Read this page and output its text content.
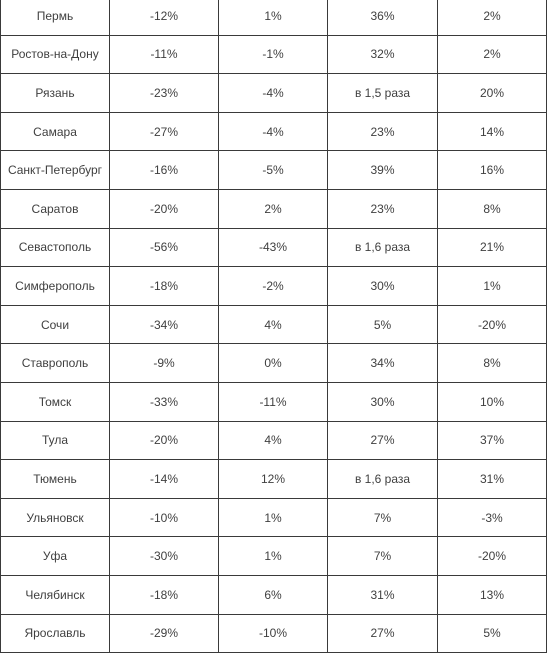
Пермь	-12%	1%	36%	2%
Ростов-на-Дону	-11%	-1%	32%	2%
Рязань	-23%	-4%	в 1,5 раза	20%
Самара	-27%	-4%	23%	14%
Санкт-Петербург	-16%	-5%	39%	16%
Саратов	-20%	2%	23%	8%
Севастополь	-56%	-43%	в 1,6 раза	21%
Симферополь	-18%	-2%	30%	1%
Сочи	-34%	4%	5%	-20%
Ставрополь	-9%	0%	34%	8%
Томск	-33%	-11%	30%	10%
Тула	-20%	4%	27%	37%
Тюмень	-14%	12%	в 1,6 раза	31%
Ульяновск	-10%	1%	7%	-3%
Уфа	-30%	1%	7%	-20%
Челябинск	-18%	6%	31%	13%
Ярославль	-29%	-10%	27%	5%
